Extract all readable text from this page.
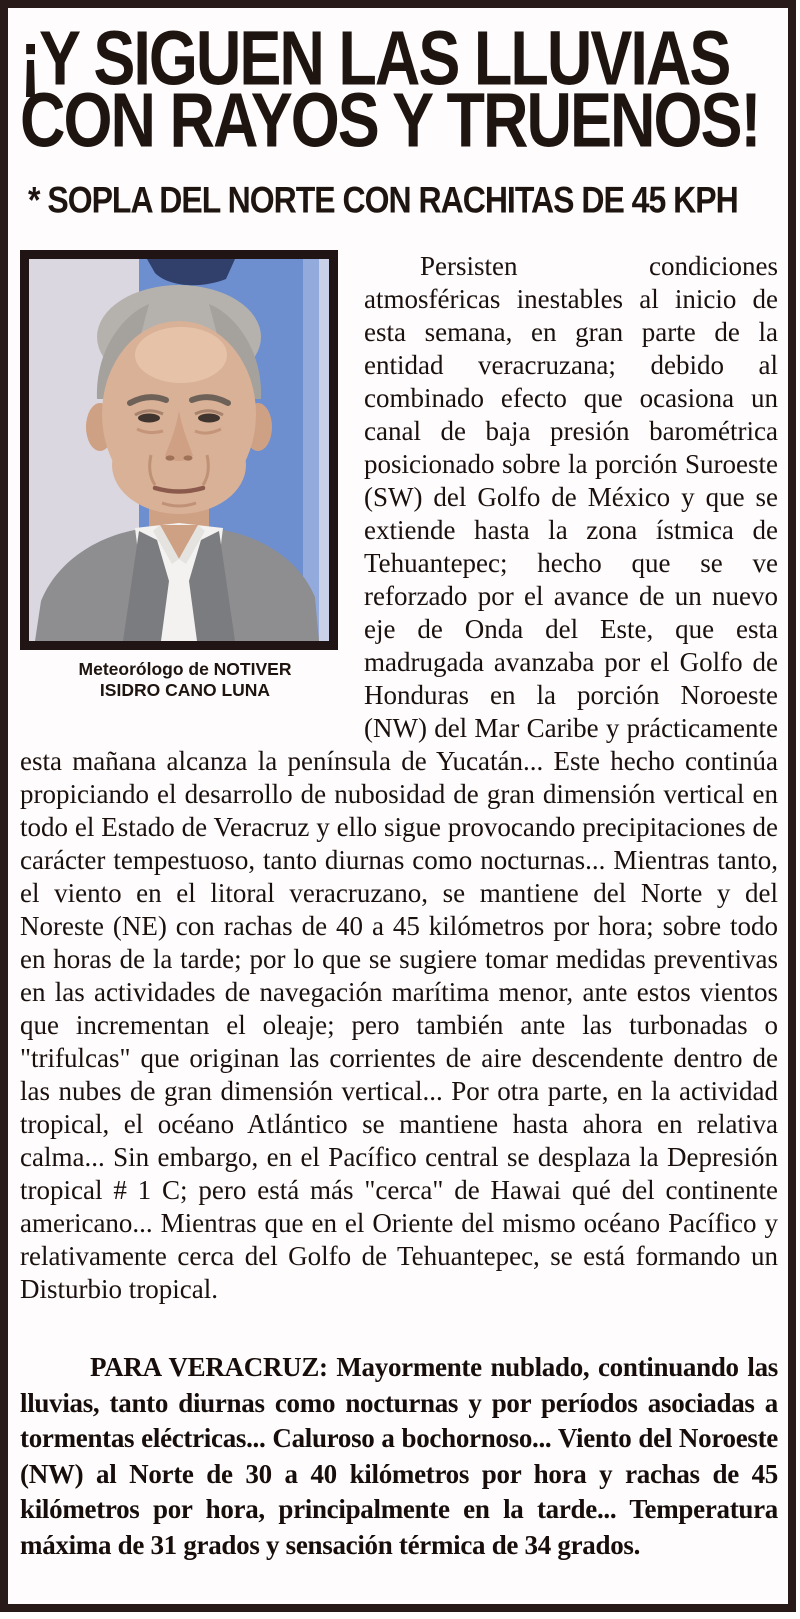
¡Y SIGUEN LAS LLUVIAS
CON RAYOS Y TRUENOS!
* SOPLA DEL NORTE CON RACHITAS DE 45 KPH
Meteorólogo de NOTIVER
ISIDRO CANO LUNA

Persisten condiciones atmosféricas inestables al inicio de esta semana, en gran parte de la entidad veracruzana; debido al combinado efecto que ocasiona un canal de baja presión barométrica posicionado sobre la porción Suroeste (SW) del Golfo de México y que se extiende hasta la zona ístmica de Tehuantepec; hecho que se ve reforzado por el avance de un nuevo eje de Onda del Este, que esta madrugada avanzaba por el Golfo de Honduras en la porción Noroeste (NW) del Mar Caribe y prácticamente esta mañana alcanza la península de Yucatán... Este hecho continúa propiciando el desarrollo de nubosidad de gran dimensión vertical en todo el Estado de Veracruz y ello sigue provocando precipitaciones de carácter tempestuoso, tanto diurnas como nocturnas... Mientras tanto, el viento en el litoral veracruzano, se mantiene del Norte y del Noreste (NE) con rachas de 40 a 45 kilómetros por hora; sobre todo en horas de la tarde; por lo que se sugiere tomar medidas preventivas en las actividades de navegación marítima menor, ante estos vientos que incrementan el oleaje; pero también ante las turbonadas o "trifulcas" que originan las corrientes de aire descendente dentro de las nubes de gran dimensión vertical... Por otra parte, en la actividad tropical, el océano Atlántico se mantiene hasta ahora en relativa calma... Sin embargo, en el Pacífico central se desplaza la Depresión tropical # 1 C; pero está más "cerca" de Hawai qué del continente americano... Mientras que en el Oriente del mismo océano Pacífico y relativamente cerca del Golfo de Tehuantepec, se está formando un Disturbio tropical.

PARA VERACRUZ: Mayormente nublado, continuando las lluvias, tanto diurnas como nocturnas y por períodos asociadas a tormentas eléctricas... Caluroso a bochornoso... Viento del Noroeste (NW) al Norte de 30 a 40 kilómetros por hora y rachas de 45 kilómetros por hora, principalmente en la tarde... Temperatura máxima de 31 grados y sensación térmica de 34 grados.
